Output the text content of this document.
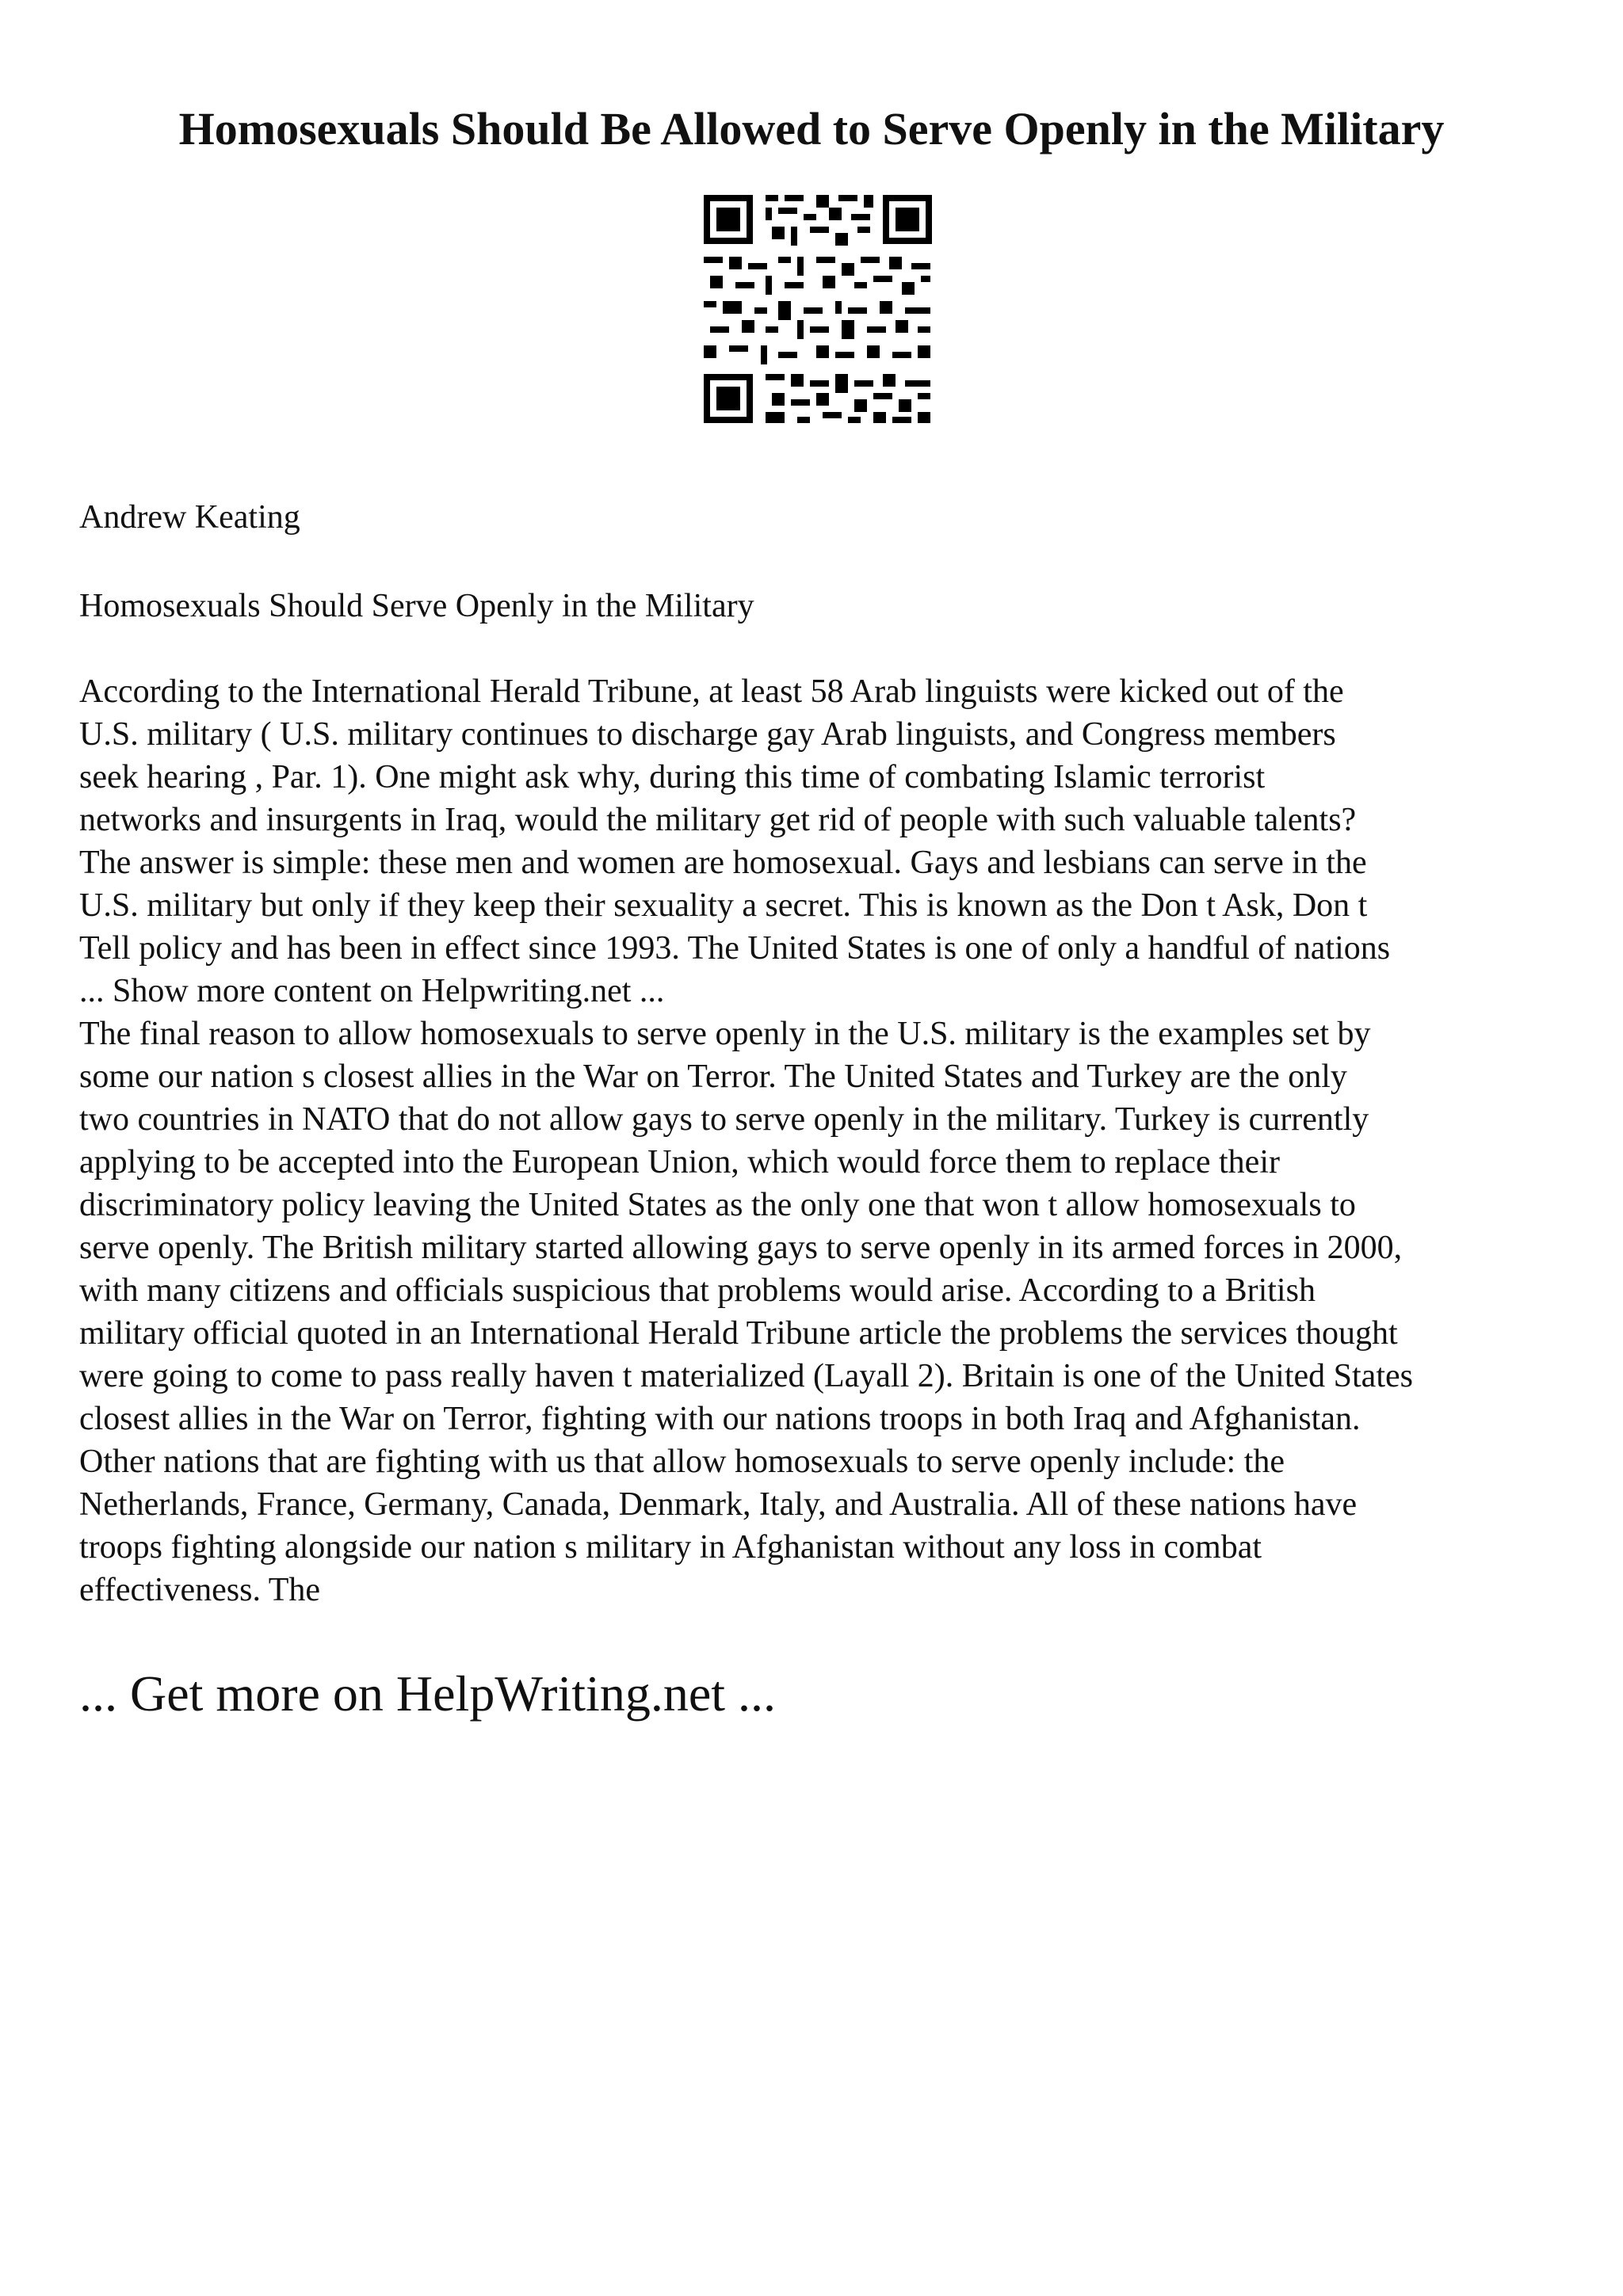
Homosexuals Should Be Allowed to Serve Openly in the Military

Andrew Keating

Homosexuals Should Serve Openly in the Military

According to the International Herald Tribune, at least 58 Arab linguists were kicked out of the
U.S. military ( U.S. military continues to discharge gay Arab linguists, and Congress members
seek hearing , Par. 1). One might ask why, during this time of combating Islamic terrorist
networks and insurgents in Iraq, would the military get rid of people with such valuable talents?
The answer is simple: these men and women are homosexual. Gays and lesbians can serve in the
U.S. military but only if they keep their sexuality a secret. This is known as the Don t Ask, Don t
Tell policy and has been in effect since 1993. The United States is one of only a handful of nations
... Show more content on Helpwriting.net ...
The final reason to allow homosexuals to serve openly in the U.S. military is the examples set by
some our nation s closest allies in the War on Terror. The United States and Turkey are the only
two countries in NATO that do not allow gays to serve openly in the military. Turkey is currently
applying to be accepted into the European Union, which would force them to replace their
discriminatory policy leaving the United States as the only one that won t allow homosexuals to
serve openly. The British military started allowing gays to serve openly in its armed forces in 2000,
with many citizens and officials suspicious that problems would arise. According to a British
military official quoted in an International Herald Tribune article the problems the services thought
were going to come to pass really haven t materialized (Layall 2). Britain is one of the United States
closest allies in the War on Terror, fighting with our nations troops in both Iraq and Afghanistan.
Other nations that are fighting with us that allow homosexuals to serve openly include: the
Netherlands, France, Germany, Canada, Denmark, Italy, and Australia. All of these nations have
troops fighting alongside our nation s military in Afghanistan without any loss in combat
effectiveness. The

... Get more on HelpWriting.net ...
